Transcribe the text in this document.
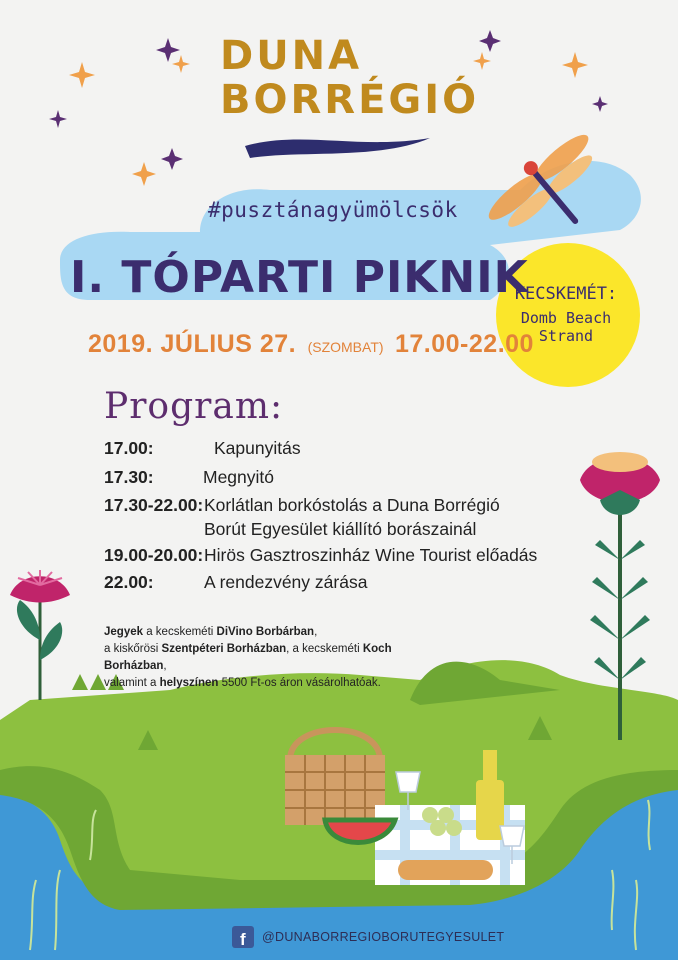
DUNA
BORRÉGIÓ
#pusztánagyümölcsök
I. TÓPARTI PIKNIK
2019. JÚLIUS 27. (SZOMBAT) 17.00-22.00
KECSKEMÉT:
Domb Beach
Strand
Program:
17.00:	Kapunyitás
17.30:	Megnyitó
17.30-22.00:Korlátlan borkóstolás a Duna Borrégió
Borút Egyesület kiállító borászainál
19.00-20.00:Hirös Gasztroszinház Wine Tourist előadás
22.00:	A rendezvény zárása
Jegyek a kecskeméti DiVino Borbárban,
a kiskőrösi Szentpéteri Borházban, a kecskeméti Koch Borházban,
valamint a helyszínen 5500 Ft-os áron vásárolhatóak.
f	@DUNABORREGIOBORUTEGYESULET
